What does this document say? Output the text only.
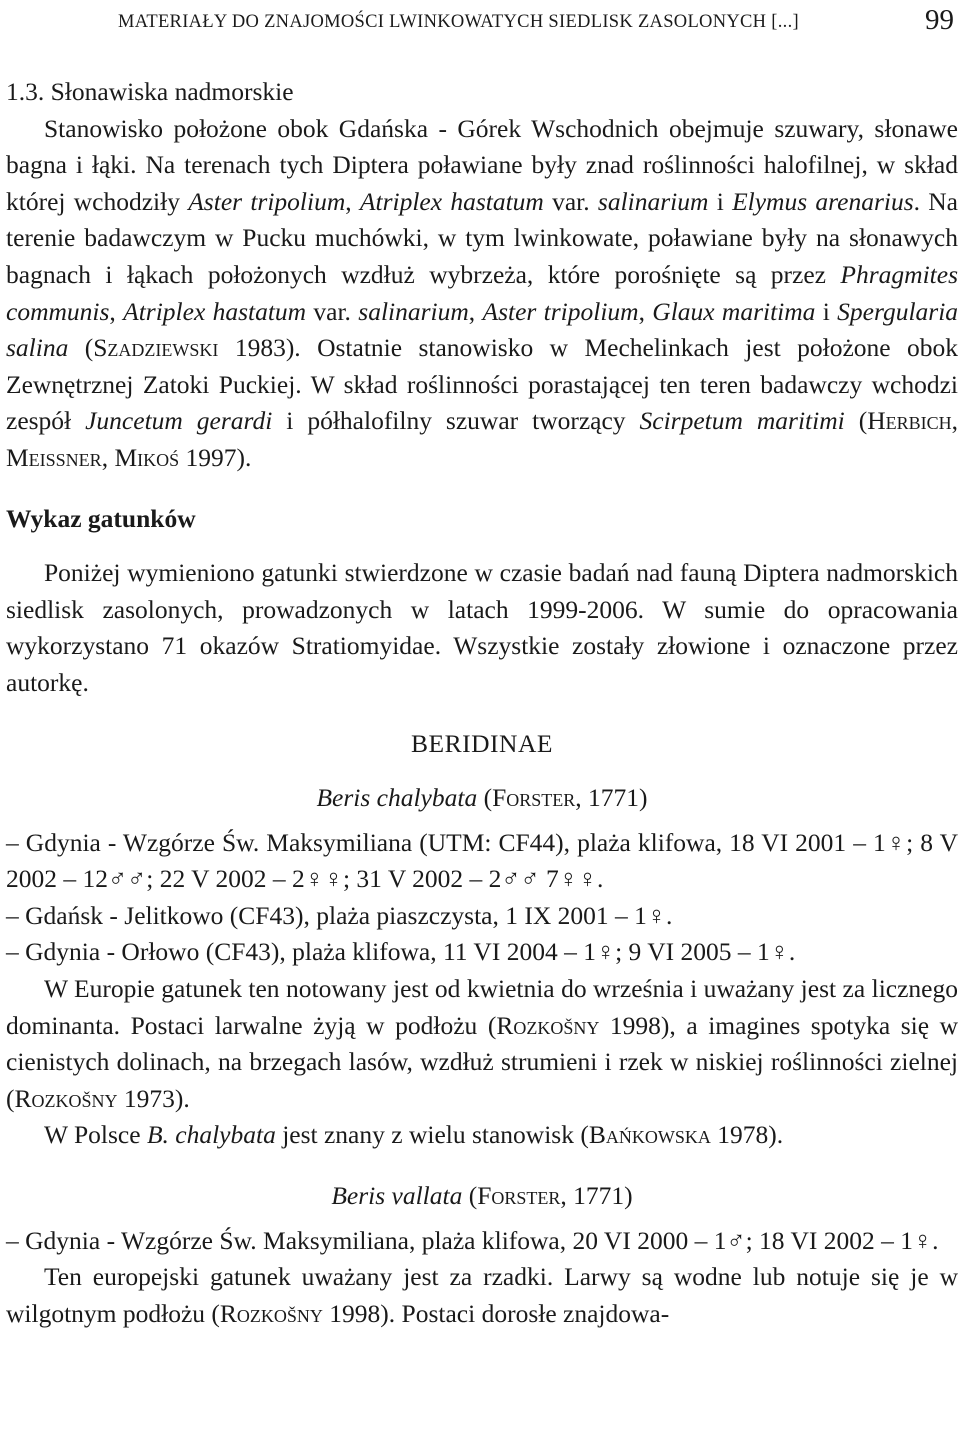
MATERIAŁY DO ZNAJOMOŚCI LWINKOWATYCH SIEDLISK ZASOLONYCH [...]	99

1.3. Słonawiska nadmorskie

Stanowisko położone obok Gdańska - Górek Wschodnich obejmuje szuwary, słonawe bagna i łąki. Na terenach tych Diptera poławiane były znad roślinności halofilnej, w skład której wchodziły Aster tripolium, Atriplex hastatum var. salinarium i Elymus arenarius. Na terenie badawczym w Pucku muchówki, w tym lwinkowate, poławiane były na słonawych bagnach i łąkach położonych wzdłuż wybrzeża, które porośnięte są przez Phragmites communis, Atriplex hastatum var. salinarium, Aster tripolium, Glaux maritima i Spergularia salina (Szadziewski 1983). Ostatnie stanowisko w Mechelinkach jest położone obok Zewnętrznej Zatoki Puckiej. W skład roślinności porastającej ten teren badawczy wchodzi zespół Juncetum gerardi i półhalofilny szuwar tworzący Scirpetum maritimi (Herbich, Meissner, Mikoś 1997).

Wykaz gatunków

Poniżej wymieniono gatunki stwierdzone w czasie badań nad fauną Diptera nadmorskich siedlisk zasolonych, prowadzonych w latach 1999-2006. W sumie do opracowania wykorzystano 71 okazów Stratiomyidae. Wszystkie zostały złowione i oznaczone przez autorkę.

BERIDINAE

Beris chalybata (Forster, 1771)

– Gdynia - Wzgórze Św. Maksymiliana (UTM: CF44), plaża klifowa, 18 VI 2001 – 1♀; 8 V 2002 – 12♂♂; 22 V 2002 – 2♀♀; 31 V 2002 – 2♂♂ 7♀♀.

– Gdańsk - Jelitkowo (CF43), plaża piaszczysta, 1 IX 2001 – 1♀.

– Gdynia - Orłowo (CF43), plaża klifowa, 11 VI 2004 – 1♀; 9 VI 2005 – 1♀.

W Europie gatunek ten notowany jest od kwietnia do września i uważany jest za licznego dominanta. Postaci larwalne żyją w podłożu (Rozkošny 1998), a imagines spotyka się w cienistych dolinach, na brzegach lasów, wzdłuż strumieni i rzek w niskiej roślinności zielnej (Rozkošny 1973).

W Polsce B. chalybata jest znany z wielu stanowisk (Bańkowska 1978).

Beris vallata (Forster, 1771)

– Gdynia - Wzgórze Św. Maksymiliana, plaża klifowa, 20 VI 2000 – 1♂; 18 VI 2002 – 1♀.

Ten europejski gatunek uważany jest za rzadki. Larwy są wodne lub notuje się je w wilgotnym podłożu (Rozkošny 1998). Postaci dorosłe znajdowa-
